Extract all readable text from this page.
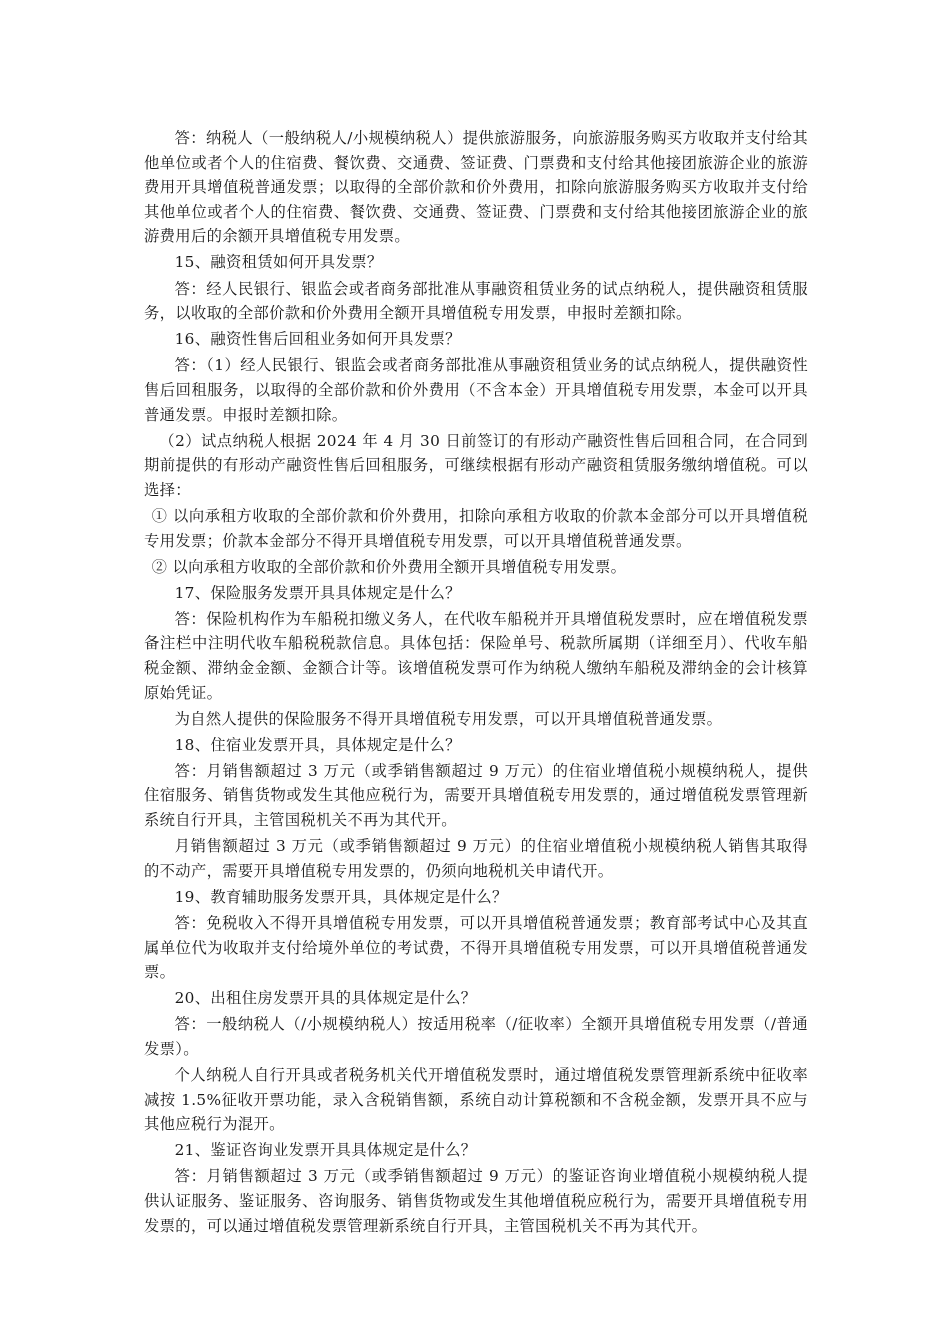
答：纳税人（一般纳税人/小规模纳税人）提供旅游服务，向旅游服务购买方收取并支付给其他单位或者个人的住宿费、餐饮费、交通费、签证费、门票费和支付给其他接团旅游企业的旅游费用开具增值税普通发票；以取得的全部价款和价外费用，扣除向旅游服务购买方收取并支付给其他单位或者个人的住宿费、餐饮费、交通费、签证费、门票费和支付给其他接团旅游企业的旅游费用后的余额开具增值税专用发票。

15、融资租赁如何开具发票？

答：经人民银行、银监会或者商务部批准从事融资租赁业务的试点纳税人，提供融资租赁服务，以收取的全部价款和价外费用全额开具增值税专用发票，申报时差额扣除。

16、融资性售后回租业务如何开具发票？

答：（1）经人民银行、银监会或者商务部批准从事融资租赁业务的试点纳税人，提供融资性售后回租服务，以取得的全部价款和价外费用（不含本金）开具增值税专用发票，本金可以开具普通发票。申报时差额扣除。

（2）试点纳税人根据 2024 年 4 月 30 日前签订的有形动产融资性售后回租合同，在合同到期前提供的有形动产融资性售后回租服务，可继续根据有形动产融资租赁服务缴纳增值税。可以选择：

① 以向承租方收取的全部价款和价外费用，扣除向承租方收取的价款本金部分可以开具增值税专用发票；价款本金部分不得开具增值税专用发票，可以开具增值税普通发票。

② 以向承租方收取的全部价款和价外费用全额开具增值税专用发票。

17、保险服务发票开具具体规定是什么？

答：保险机构作为车船税扣缴义务人，在代收车船税并开具增值税发票时，应在增值税发票备注栏中注明代收车船税税款信息。具体包括：保险单号、税款所属期（详细至月）、代收车船税金额、滞纳金金额、金额合计等。该增值税发票可作为纳税人缴纳车船税及滞纳金的会计核算原始凭证。

为自然人提供的保险服务不得开具增值税专用发票，可以开具增值税普通发票。

18、住宿业发票开具，具体规定是什么？

答：月销售额超过 3 万元（或季销售额超过 9 万元）的住宿业增值税小规模纳税人，提供住宿服务、销售货物或发生其他应税行为，需要开具增值税专用发票的，通过增值税发票管理新系统自行开具，主管国税机关不再为其代开。

月销售额超过 3 万元（或季销售额超过 9 万元）的住宿业增值税小规模纳税人销售其取得的不动产，需要开具增值税专用发票的，仍须向地税机关申请代开。

19、教育辅助服务发票开具，具体规定是什么？

答：免税收入不得开具增值税专用发票，可以开具增值税普通发票；教育部考试中心及其直属单位代为收取并支付给境外单位的考试费，不得开具增值税专用发票，可以开具增值税普通发票。

20、出租住房发票开具的具体规定是什么？

答：一般纳税人（/小规模纳税人）按适用税率（/征收率）全额开具增值税专用发票（/普通发票）。

个人纳税人自行开具或者税务机关代开增值税发票时，通过增值税发票管理新系统中征收率减按 1.5%征收开票功能，录入含税销售额，系统自动计算税额和不含税金额，发票开具不应与其他应税行为混开。

21、鉴证咨询业发票开具具体规定是什么？

答：月销售额超过 3 万元（或季销售额超过 9 万元）的鉴证咨询业增值税小规模纳税人提供认证服务、鉴证服务、咨询服务、销售货物或发生其他增值税应税行为，需要开具增值税专用发票的，可以通过增值税发票管理新系统自行开具，主管国税机关不再为其代开。
